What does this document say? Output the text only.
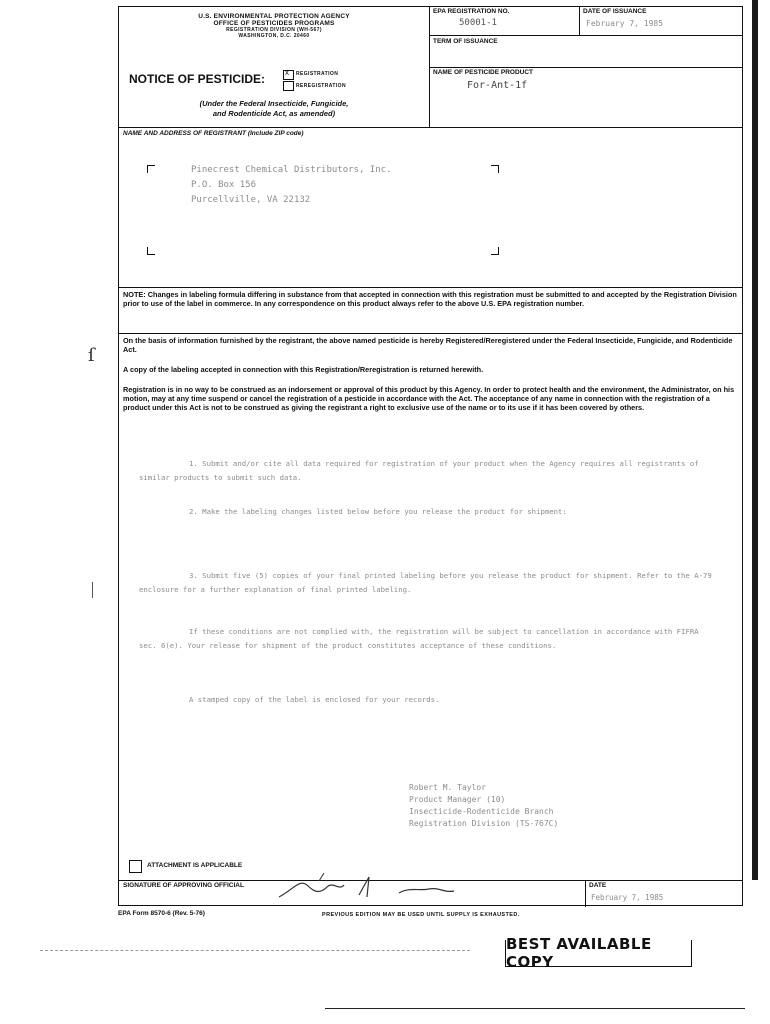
ſ
U.S. ENVIRONMENTAL PROTECTION AGENCY
OFFICE OF PESTICIDES PROGRAMS
REGISTRATION DIVISION (WH-567)
WASHINGTON, D.C. 20460
NOTICE OF PESTICIDE: x REGISTRATION
REREGISTRATION
(Under the Federal Insecticide, Fungicide,
and Rodenticide Act, as amended)
EPA REGISTRATION NO.
50001-1
DATE OF ISSUANCE
February 7, 1985
TERM OF ISSUANCE
NAME OF PESTICIDE PRODUCT
For-Ant-1f
NAME AND ADDRESS OF REGISTRANT (Include ZIP code)
Pinecrest Chemical Distributors, Inc.
P.O. Box 156
Purcellville, VA 22132
NOTE: Changes in labeling formula differing in substance from that accepted in connection with this registration must be submitted to and accepted by the Registration Division prior to use of the label in commerce. In any correspondence on this product always refer to the above U.S. EPA registration number.
On the basis of information furnished by the registrant, the above named pesticide is hereby Registered/Reregistered under the Federal Insecticide, Fungicide, and Rodenticide Act.
A copy of the labeling accepted in connection with this Registration/Reregistration is returned herewith.
Registration is in no way to be construed as an indorsement or approval of this product by this Agency. In order to protect health and the environment, the Administrator, on his motion, may at any time suspend or cancel the registration of a pesticide in accordance with the Act. The acceptance of any name in connection with the registration of a product under this Act is not to be construed as giving the registrant a right to exclusive use of the name or to its use if it has been covered by others.
1. Submit and/or cite all data required for registration of your product when the Agency requires all registrants of similar products to submit such data.
2. Make the labeling changes listed below before you release the product for shipment:
3. Submit five (5) copies of your final printed labeling before you release the product for shipment. Refer to the A-79 enclosure for a further explanation of final printed labeling.
If these conditions are not complied with, the registration will be subject to cancellation in accordance with FIFRA sec. 6(e). Your release for shipment of the product constitutes acceptance of these conditions.
A stamped copy of the label is enclosed for your records.
Robert M. Taylor
Product Manager (10)
Insecticide-Rodenticide Branch
Registration Division (TS-767C)
ATTACHMENT IS APPLICABLE
SIGNATURE OF APPROVING OFFICIAL	DATE
February 7, 1985
EPA Form 8570-6 (Rev. 5-76)	PREVIOUS EDITION MAY BE USED UNTIL SUPPLY IS EXHAUSTED.
BEST AVAILABLE COPY
